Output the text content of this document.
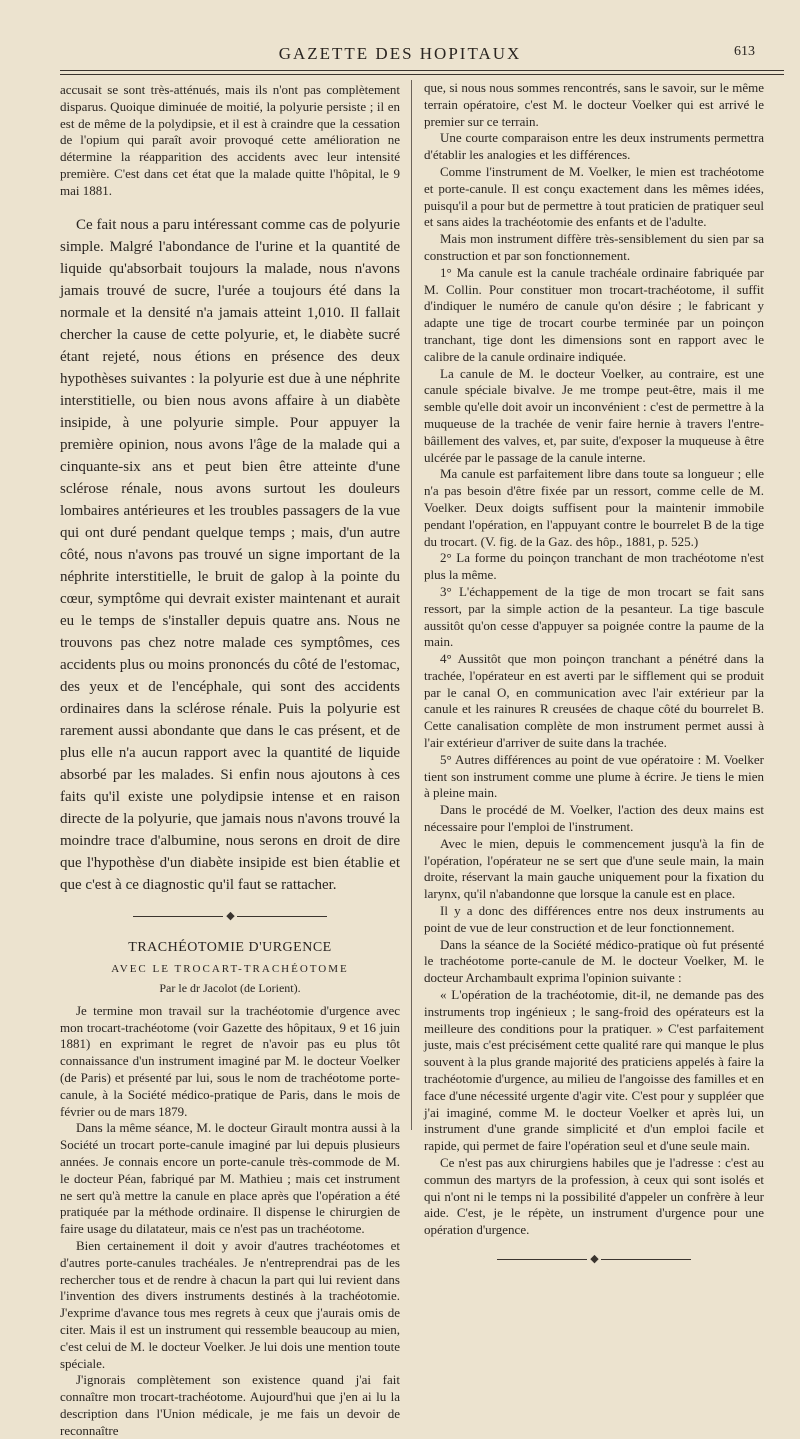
GAZETTE DES HOPITAUX	613

accusait se sont très-atténués, mais ils n'ont pas complètement disparus. Quoique diminuée de moitié, la polyurie persiste ; il en est de même de la polydipsie, et il est à craindre que la cessation de l'opium qui paraît avoir provoqué cette amélioration ne détermine la réapparition des accidents avec leur intensité première. C'est dans cet état que la malade quitte l'hôpital, le 9 mai 1881.

Ce fait nous a paru intéressant comme cas de polyurie simple. Malgré l'abondance de l'urine et la quantité de liquide qu'absorbait toujours la malade, nous n'avons jamais trouvé de sucre, l'urée a toujours été dans la normale et la densité n'a jamais atteint 1,010. Il fallait chercher la cause de cette polyurie, et, le diabète sucré étant rejeté, nous étions en présence des deux hypothèses suivantes : la polyurie est due à une néphrite interstitielle, ou bien nous avons affaire à un diabète insipide, à une polyurie simple. Pour appuyer la première opinion, nous avons l'âge de la malade qui a cinquante-six ans et peut bien être atteinte d'une sclérose rénale, nous avons surtout les douleurs lombaires antérieures et les troubles passagers de la vue qui ont duré pendant quelque temps ; mais, d'un autre côté, nous n'avons pas trouvé un signe important de la néphrite interstitielle, le bruit de galop à la pointe du cœur, symptôme qui devrait exister maintenant et aurait eu le temps de s'installer depuis quatre ans. Nous ne trouvons pas chez notre malade ces symptômes, ces accidents plus ou moins prononcés du côté de l'estomac, des yeux et de l'encéphale, qui sont des accidents ordinaires dans la sclérose rénale. Puis la polyurie est rarement aussi abondante que dans le cas présent, et de plus elle n'a aucun rapport avec la quantité de liquide absorbé par les malades. Si enfin nous ajoutons à ces faits qu'il existe une polydipsie intense et en raison directe de la polyurie, que jamais nous n'avons trouvé la moindre trace d'albumine, nous serons en droit de dire que l'hypothèse d'un diabète insipide est bien établie et que c'est à ce diagnostic qu'il faut se rattacher.

◆
TRACHÉOTOMIE D'URGENCE
AVEC LE TROCART-TRACHÉOTOME
Par le dr Jacolot (de Lorient).

Je termine mon travail sur la trachéotomie d'urgence avec mon trocart-trachéotome (voir Gazette des hôpitaux, 9 et 16 juin 1881) en exprimant le regret de n'avoir pas eu plus tôt connaissance d'un instrument imaginé par M. le docteur Voelker (de Paris) et présenté par lui, sous le nom de trachéotome porte-canule, à la Société médico-pratique de Paris, dans le mois de février ou de mars 1879.

Dans la même séance, M. le docteur Girault montra aussi à la Société un trocart porte-canule imaginé par lui depuis plusieurs années. Je connais encore un porte-canule très-commode de M. le docteur Péan, fabriqué par M. Mathieu ; mais cet instrument ne sert qu'à mettre la canule en place après que l'opération a été pratiquée par la méthode ordinaire. Il dispense le chirurgien de faire usage du dilatateur, mais ce n'est pas un trachéotome.

Bien certainement il doit y avoir d'autres trachéotomes et d'autres porte-canules trachéales. Je n'entreprendrai pas de les rechercher tous et de rendre à chacun la part qui lui revient dans l'invention des divers instruments destinés à la trachéotomie. J'exprime d'avance tous mes regrets à ceux que j'aurais omis de citer. Mais il est un instrument qui ressemble beaucoup au mien, c'est celui de M. le docteur Voelker. Je lui dois une mention toute spéciale.

J'ignorais complètement son existence quand j'ai fait connaître mon trocart-trachéotome. Aujourd'hui que j'en ai lu la description dans l'Union médicale, je me fais un devoir de reconnaître

que, si nous nous sommes rencontrés, sans le savoir, sur le même terrain opératoire, c'est M. le docteur Voelker qui est arrivé le premier sur ce terrain.

Une courte comparaison entre les deux instruments permettra d'établir les analogies et les différences.

Comme l'instrument de M. Voelker, le mien est trachéotome et porte-canule. Il est conçu exactement dans les mêmes idées, puisqu'il a pour but de permettre à tout praticien de pratiquer seul et sans aides la trachéotomie des enfants et de l'adulte.

Mais mon instrument diffère très-sensiblement du sien par sa construction et par son fonctionnement.

1° Ma canule est la canule trachéale ordinaire fabriquée par M. Collin. Pour constituer mon trocart-trachéotome, il suffit d'indiquer le numéro de canule qu'on désire ; le fabricant y adapte une tige de trocart courbe terminée par un poinçon tranchant, tige dont les dimensions sont en rapport avec le calibre de la canule ordinaire indiquée.

La canule de M. le docteur Voelker, au contraire, est une canule spéciale bivalve. Je me trompe peut-être, mais il me semble qu'elle doit avoir un inconvénient : c'est de permettre à la muqueuse de la trachée de venir faire hernie à travers l'entre-bâillement des valves, et, par suite, d'exposer la muqueuse à être ulcérée par le passage de la canule interne.

Ma canule est parfaitement libre dans toute sa longueur ; elle n'a pas besoin d'être fixée par un ressort, comme celle de M. Voelker. Deux doigts suffisent pour la maintenir immobile pendant l'opération, en l'appuyant contre le bourrelet B de la tige du trocart. (V. fig. de la Gaz. des hôp., 1881, p. 525.)

2° La forme du poinçon tranchant de mon trachéotome n'est plus la même.

3° L'échappement de la tige de mon trocart se fait sans ressort, par la simple action de la pesanteur. La tige bascule aussitôt qu'on cesse d'appuyer sa poignée contre la paume de la main.

4° Aussitôt que mon poinçon tranchant a pénétré dans la trachée, l'opérateur en est averti par le sifflement qui se produit par le canal O, en communication avec l'air extérieur par la canule et les rainures R creusées de chaque côté du bourrelet B. Cette canalisation complète de mon instrument permet aussi à l'air extérieur d'arriver de suite dans la trachée.

5° Autres différences au point de vue opératoire : M. Voelker tient son instrument comme une plume à écrire. Je tiens le mien à pleine main.

Dans le procédé de M. Voelker, l'action des deux mains est nécessaire pour l'emploi de l'instrument.

Avec le mien, depuis le commencement jusqu'à la fin de l'opération, l'opérateur ne se sert que d'une seule main, la main droite, réservant la main gauche uniquement pour la fixation du larynx, qu'il n'abandonne que lorsque la canule est en place.

Il y a donc des différences entre nos deux instruments au point de vue de leur construction et de leur fonctionnement.

Dans la séance de la Société médico-pratique où fut présenté le trachéotome porte-canule de M. le docteur Voelker, M. le docteur Archambault exprima l'opinion suivante :

« L'opération de la trachéotomie, dit-il, ne demande pas des instruments trop ingénieux ; le sang-froid des opérateurs est la meilleure des conditions pour la pratiquer. » C'est parfaitement juste, mais c'est précisément cette qualité rare qui manque le plus souvent à la plus grande majorité des praticiens appelés à faire la trachéotomie d'urgence, au milieu de l'angoisse des familles et en face d'une nécessité urgente d'agir vite. C'est pour y suppléer que j'ai imaginé, comme M. le docteur Voelker et après lui, un instrument d'une grande simplicité et d'un emploi facile et rapide, qui permet de faire l'opération seul et d'une seule main.

Ce n'est pas aux chirurgiens habiles que je l'adresse : c'est au commun des martyrs de la profession, à ceux qui sont isolés et qui n'ont ni le temps ni la possibilité d'appeler un confrère à leur aide. C'est, je le répète, un instrument d'urgence pour une opération d'urgence.

◆
